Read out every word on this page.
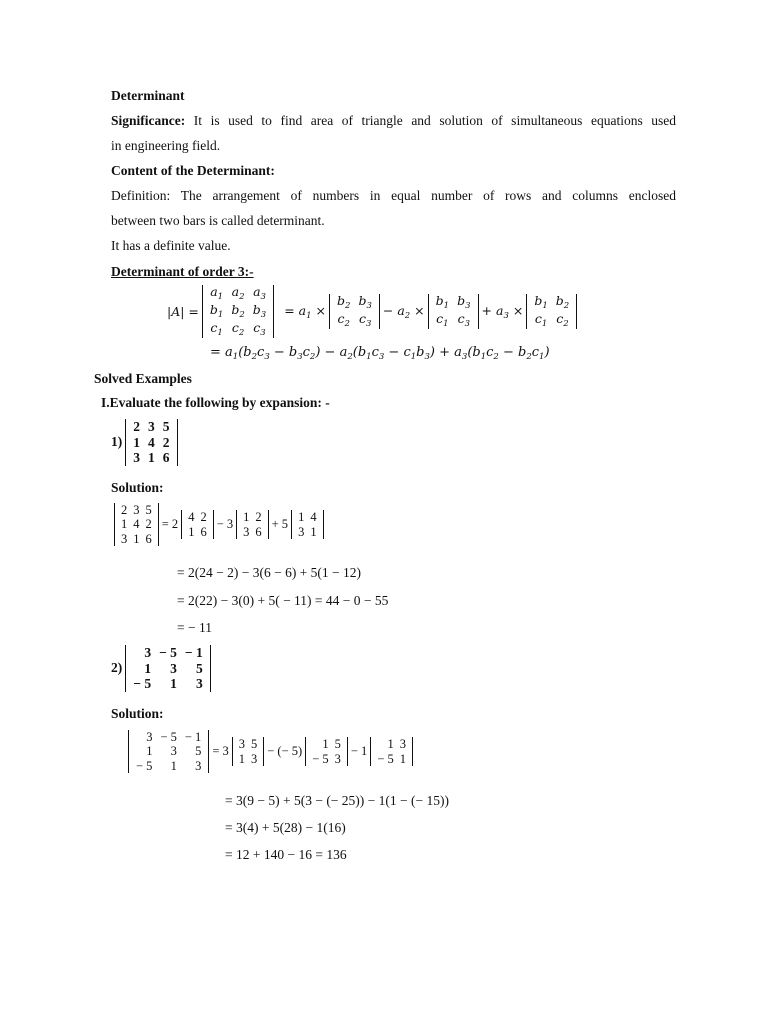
Determinant
Significance: It is used to find area of triangle and solution of simultaneous equations used
in engineering field.
Content of the Determinant:
Definition: The arrangement of numbers in equal number of rows and columns enclosed
between two bars is called determinant.
It has a definite value.
Determinant of order 3:-
|A| =
$a_1$	$a_2$	$a_3$
$b_1$	$b_2$	$b_3$
$c_1$	$c_2$	$c_3$
= $a_1$ ×
$b_2$	$b_3$
$c_2$	$c_3$
− $a_2$ ×
$b_1$	$b_3$
$c_1$	$c_3$
+ $a_3$ ×
$b_1$	$b_2$
$c_1$	$c_2$
= $a_1(b_2c_3 - b_3c_2) - a_2(b_1c_3 - c_1b_3) + a_3(b_1c_2 - b_2c_1)$
Solved Examples
I.Evaluate the following by expansion: -
1)
2	3	5
1	4	2
3	1	6
Solution:
2	3	5
1	4	2
3	1	6
= 2 4	2
1	6
− 3 1	2
3	6
+ 5 1	4
3	1
= 2(24 − 2) − 3(6 − 6) + 5(1 − 12)
= 2(22) − 3(0) + 5( − 11) = 44 − 0 − 55
= − 11
2)
3	− 5	− 1
1	3	5
− 5	1	3
Solution:
3	− 5	− 1
1	3	5
− 5	1	3
= 3 3	5
1	3
− (− 5) 1	5
− 5	3
− 1 1	3
− 5	1
= 3(9 − 5) + 5(3 − (− 25)) − 1(1 − (− 15))
= 3(4) + 5(28) − 1(16)
= 12 + 140 − 16 = 136
